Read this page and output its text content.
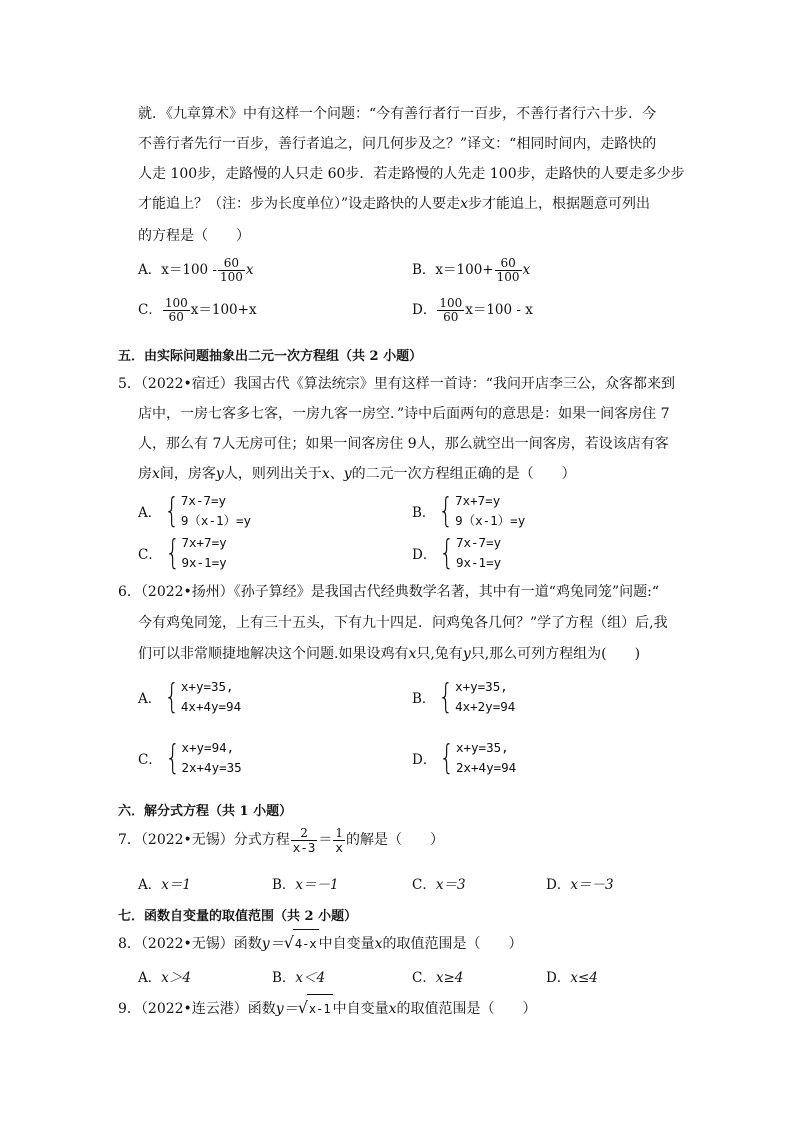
就．《九章算术》中有这样一个问题：“今有善行者行一百步，不善行者行六十步．今
不善行者先行一百步，善行者追之，问几何步及之？”译文：“相同时间内，走路快的
人走 100步，走路慢的人只走 60步．若走路慢的人先走 100步，走路快的人要走多少步
才能追上？（注：步为长度单位）”设走路快的人要走x步才能追上，根据题意可列出
的方程是（　　）
A．$x=100 - \frac{60}{100}$ x	B．$x=100+ \frac{60}{100}$ x
C． $\frac{100}{60} x=100+x$	D． $\frac{100}{60} x=100 - x$
五．由实际问题抽象出二元一次方程组（共 2 小题）
5．（2022•宿迁）我国古代《算法统宗》里有这样一首诗：“我问开店李三公，众客都来到
店中，一房七客多七客，一房九客一房空．”诗中后面两句的意思是：如果一间客房住 7
人，那么有 7人无房可住；如果一间客房住 9人，那么就空出一间客房，若设该店有客
房x间，房客y人，则列出关于x、y的二元一次方程组正确的是（　　）
A． { 7x-7=y
9（x-1）=y	B． { 7x+7=y
9（x-1）=y
C． { 7x+7=y
9x-1=y	D． { 7x-7=y
9x-1=y
6．（2022•扬州）《孙子算经》是我国古代经典数学名著，其中有一道“鸡兔同笼”问题:“
今有鸡兔同笼，上有三十五头，下有九十四足．问鸡兔各几何？”学了方程（组）后,我
们可以非常顺捷地解决这个问题.如果设鸡有x只,兔有y只,那么可列方程组为(　　)
A． { x+y=35,
4x+4y=94	B． { x+y=35,
4x+2y=94
C． { x+y=94,
2x+4y=35	D． { x+y=35,
2x+4y=94
六．解分式方程（共 1 小题）
7．（2022•无锡）分式方程 $\frac{2}{x-3} = \frac{1}{x}$ 的解是（　　）
A．x＝1	B．x＝－1	C．x＝3	D．x＝－3
七．函数自变量的取值范围（共 2 小题）
8．（2022•无锡）函数y＝√4-x 中自变量x的取值范围是（　　）
A．x＞4	B．x＜4	C．x≥4	D．x≤4
9．（2022•连云港）函数y＝√x-1 中自变量x的取值范围是（　　）
